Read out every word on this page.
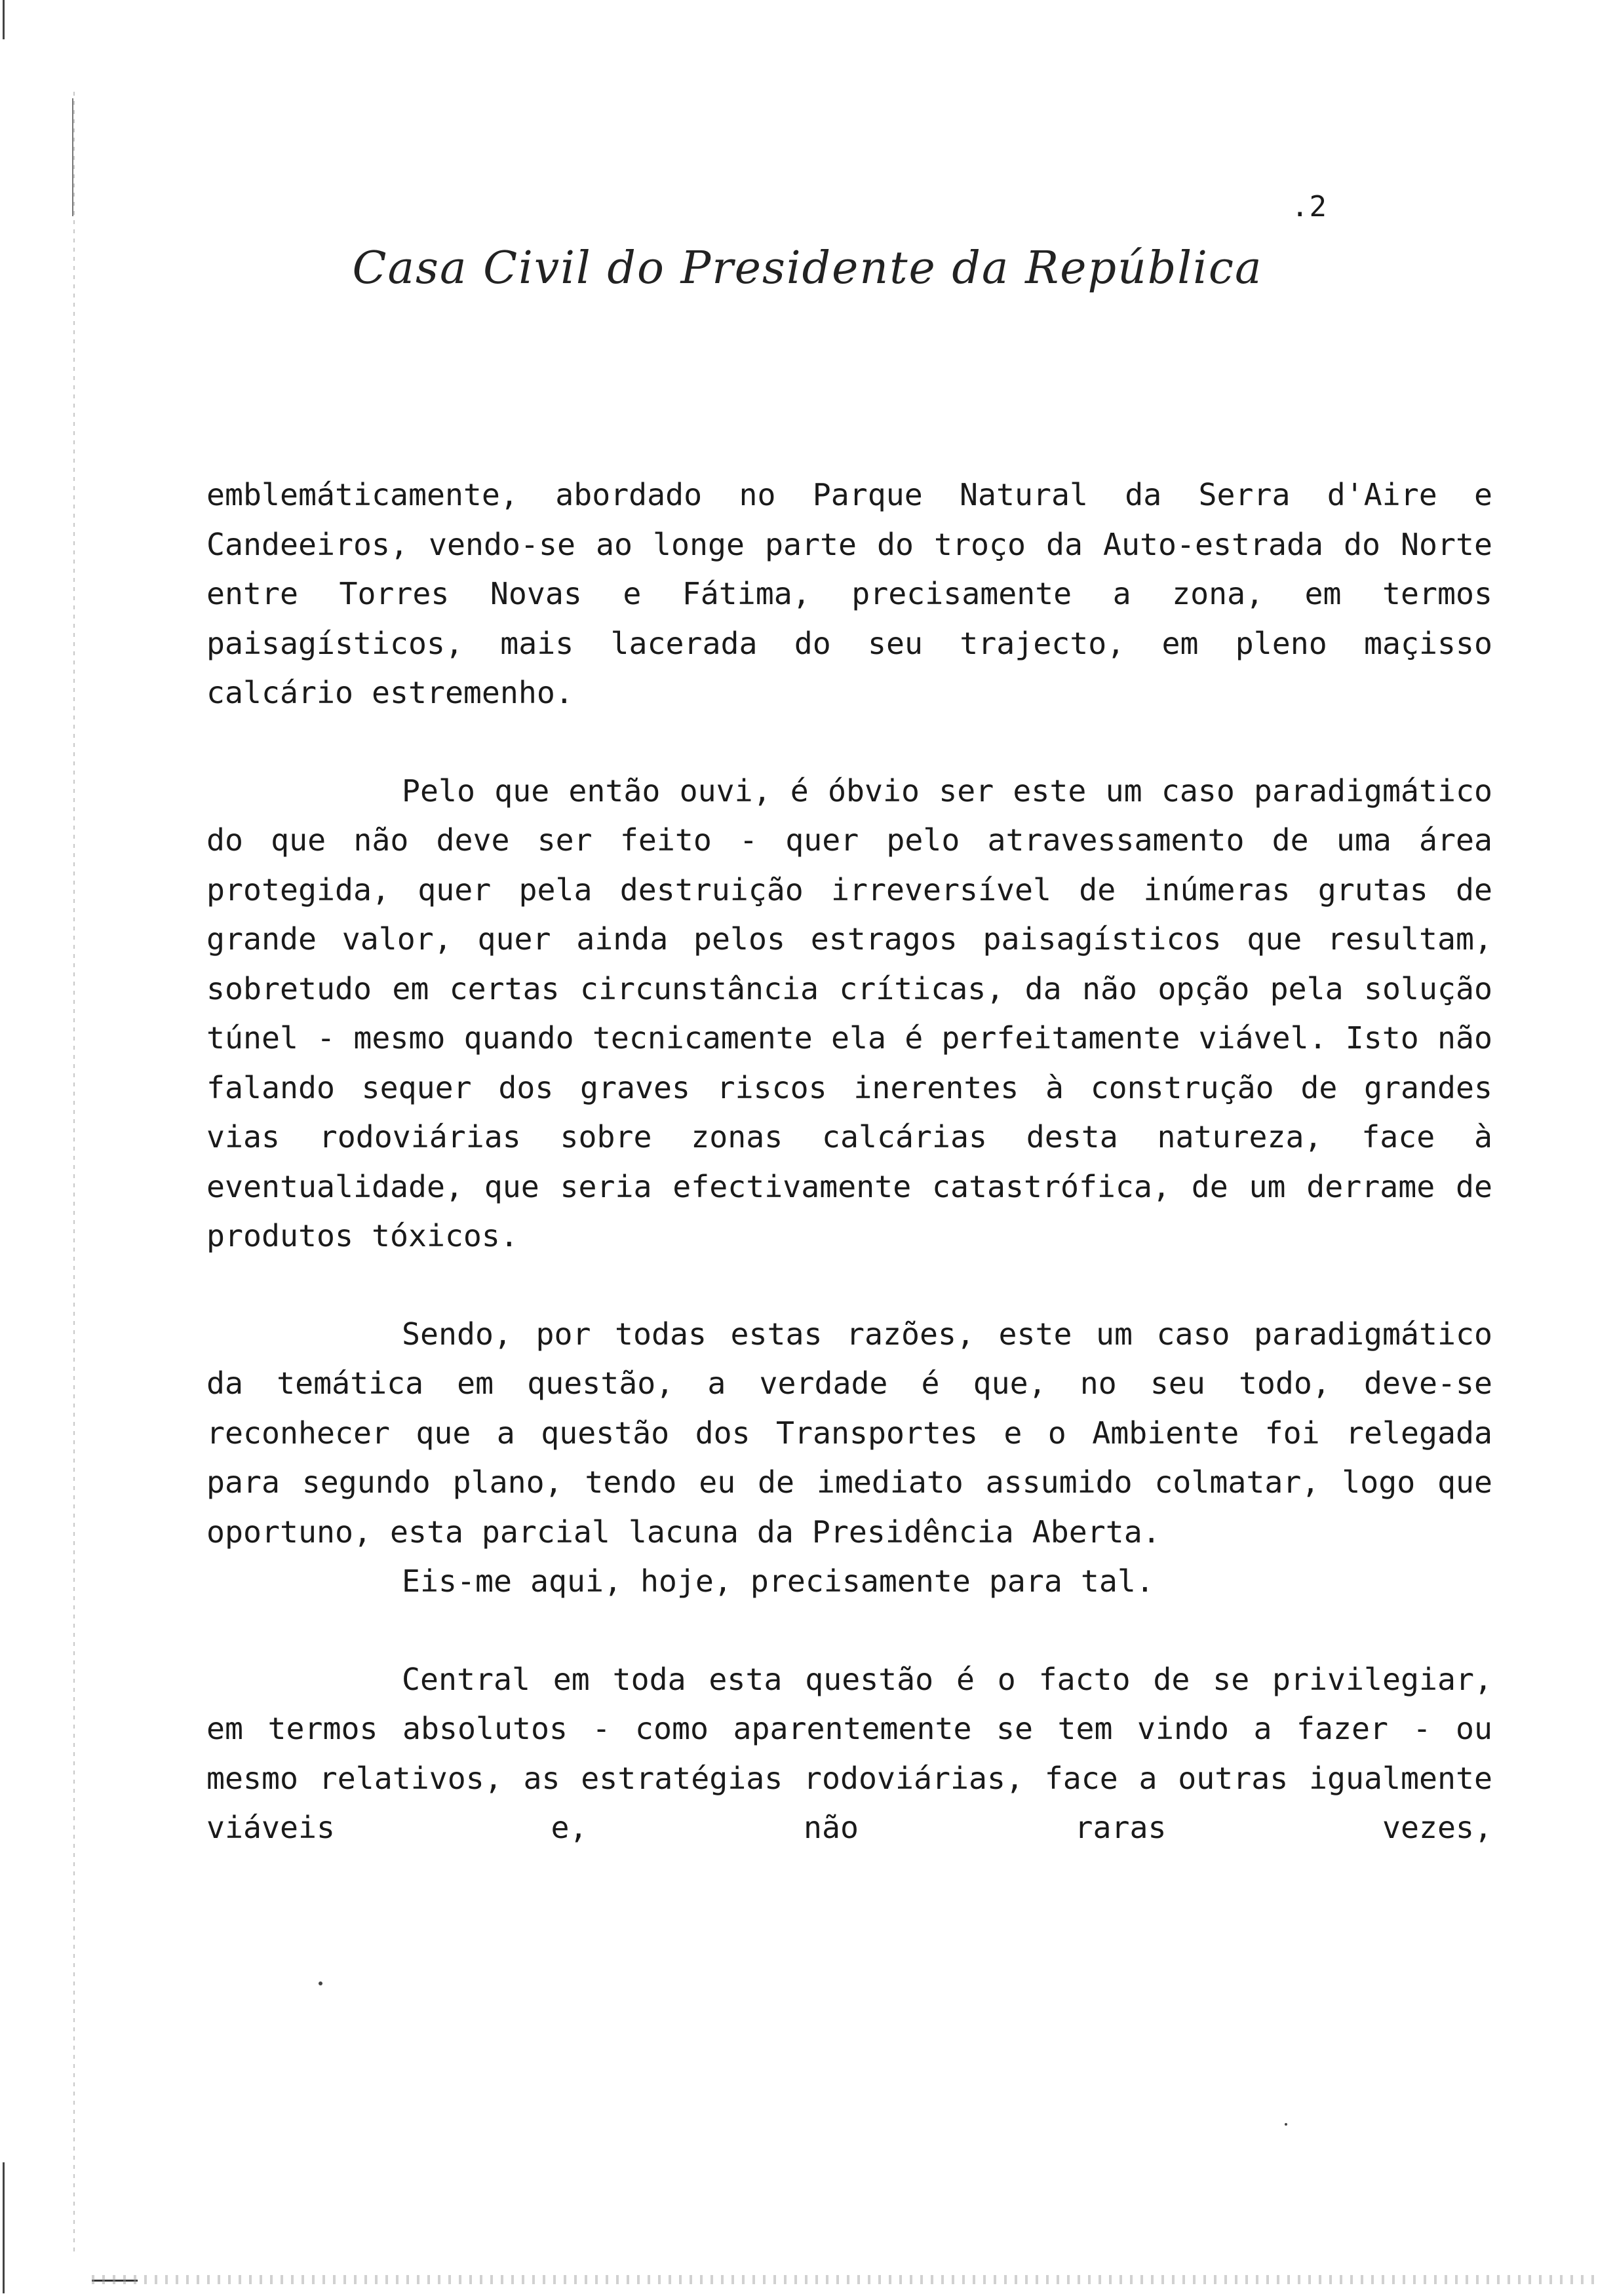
.2
Casa Civil do Presidente da República

emblemáticamente, abordado no Parque Natural da Serra d'Aire e Candeeiros, vendo-se ao longe parte do troço da Auto-estrada do Norte entre Torres Novas e Fátima, precisamente a zona, em termos paisagísticos, mais lacerada do seu trajecto, em pleno maçisso calcário estremenho.

Pelo que então ouvi, é óbvio ser este um caso paradigmático do que não deve ser feito - quer pelo atravessamento de uma área protegida, quer pela destruição irreversível de inúmeras grutas de grande valor, quer ainda pelos estragos paisagísticos que resultam, sobretudo em certas circunstância críticas, da não opção pela solução túnel - mesmo quando tecnicamente ela é perfeitamente viável. Isto não falando sequer dos graves riscos inerentes à construção de grandes vias rodoviárias sobre zonas calcárias desta natureza, face à eventualidade, que seria efectivamente catastrófica, de um derrame de produtos tóxicos.

Sendo, por todas estas razões, este um caso paradigmático da temática em questão, a verdade é que, no seu todo, deve-se reconhecer que a questão dos Transportes e o Ambiente foi relegada para segundo plano, tendo eu de imediato assumido colmatar, logo que oportuno, esta parcial lacuna da Presidência Aberta.

Eis-me aqui, hoje, precisamente para tal.

Central em toda esta questão é o facto de se privilegiar, em termos absolutos - como aparentemente se tem vindo a fazer - ou mesmo relativos, as estratégias rodoviárias, face a outras igualmente viáveis e, não raras vezes,
